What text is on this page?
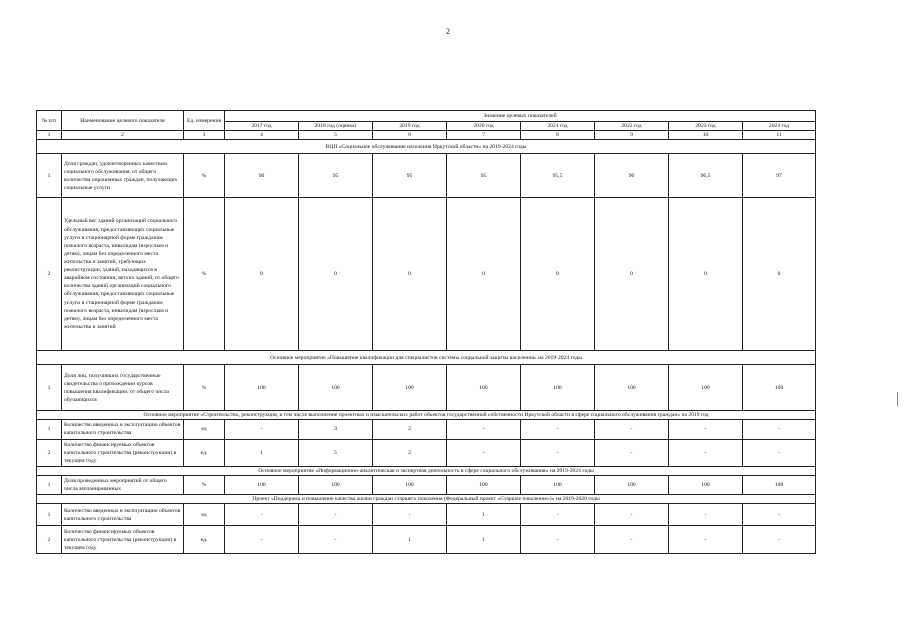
2
№ п/п	Наименование целевого показателя	Ед. измерения	Значение целевых показателей							
			2017 год	2018 год (оценка)	2019 год	2020 год	2021 год	2022 год	2023 год	2024 год
1	2	3	4	5	6	7	8	9	10	11
ВЦП «Социальное обслуживание населения Иркутской области» на 2019-2024 годы										
1	Доля граждан, удовлетворенных качеством социального обслуживания, от общего количества опрошенных граждан, получающих социальные услуги	%	90	95	95	95	95,5	96	96,5	97
2	Удельный вес зданий организаций социального обслуживания, предоставляющих социальные услуги в стационарной форме гражданам пожилого возраста, инвалидам (взрослым и детям), лицам без определенного места жительства и занятий, требующих реконструкции, зданий, находящихся в аварийном состоянии, ветхих зданий, от общего количества зданий организаций социального обслуживания, предоставляющих социальные услуги в стационарной форме гражданам пожилого возраста, инвалидам (взрослым и детям), лицам без определенного места жительства и занятий	%	0	0	0	0	0	0	0	0
Основное мероприятие «Повышение квалификации для специалистов системы социальной защиты населения» на 2019-2024 годы										
1	Доля лиц, получивших государственные свидетельства о прохождении курсов повышения квалификации, от общего числа обучающихся	%	100	100	100	100	100	100	100	100
Основное мероприятие «Строительство, реконструкция, в том числе выполнение проектных и изыскательских работ объектов государственной собственности Иркутской области в сфере социального обслуживания граждан» на 2019 год										
1	Количество введенных в эксплуатацию объектов капитального строительства	ед	-	3	2	-	-	-	-	-
2	Количество финансируемых объектов капитального строительства (реконструкции) в текущем году	ед.	1	5	2	-	-	-	-	-
Основное мероприятие «Информационно-аналитическая и экспертная деятельность в сфере социального обслуживания» на 2019-2024 годы										
1	Доля проведенных мероприятий от общего числа запланированных	%	100	100	100	100	100	100	100	100
Проект «Поддержка и повышение качества жизни граждан старшего поколения (Федеральный проект «Старшее поколение»)» на 2019-2020 годы										
1	Количество введенных в эксплуатацию объектов капитального строительства	ед	-	-	-	1	-	-	-	-
2	Количество финансируемых объектов капитального строительства (реконструкции) в текущем году	ед.	-	-	1	1	-	-	-	-
